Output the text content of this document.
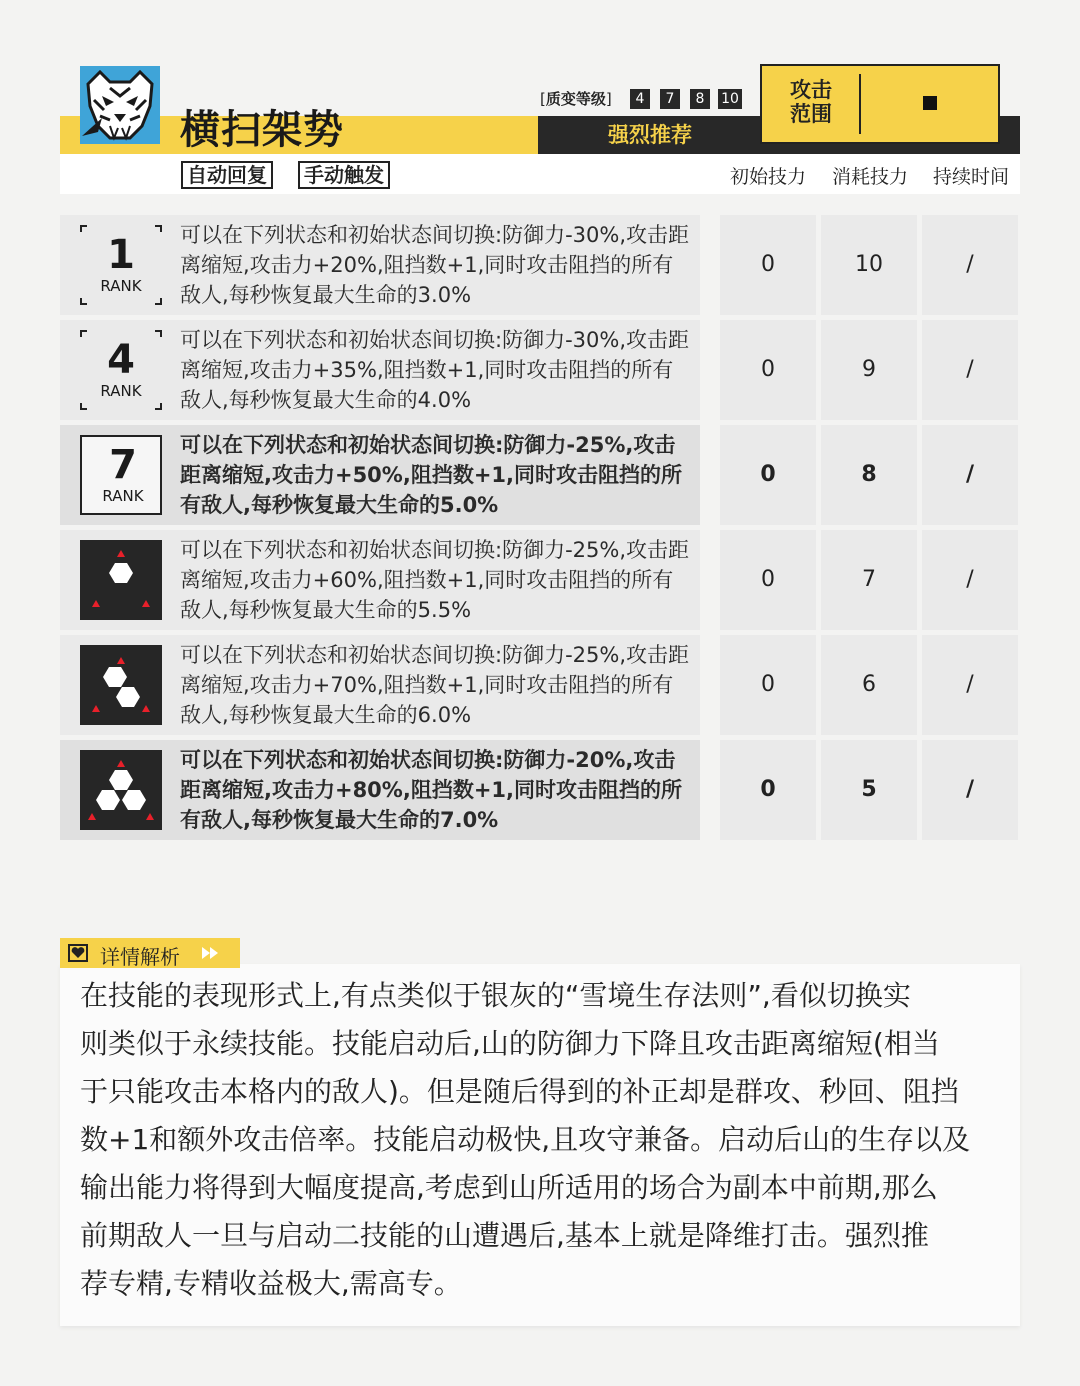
横扫架势
自动回复	手动触发
[质变等级]	4	7	8	10
强烈推荐
攻击范围
初始技力	消耗技力	持续时间
1
RANK
可以在下列状态和初始状态间切换:防御力-30%,攻击距离缩短,攻击力+20%,阻挡数+1,同时攻击阻挡的所有敌人,每秒恢复最大生命的3.0%
0	10	/
4
RANK
可以在下列状态和初始状态间切换:防御力-30%,攻击距离缩短,攻击力+35%,阻挡数+1,同时攻击阻挡的所有敌人,每秒恢复最大生命的4.0%
0	9	/
7
RANK
可以在下列状态和初始状态间切换:防御力-25%,攻击距离缩短,攻击力+50%,阻挡数+1,同时攻击阻挡的所有敌人,每秒恢复最大生命的5.0%
0	8	/
可以在下列状态和初始状态间切换:防御力-25%,攻击距离缩短,攻击力+60%,阻挡数+1,同时攻击阻挡的所有敌人,每秒恢复最大生命的5.5%
0	7	/
可以在下列状态和初始状态间切换:防御力-25%,攻击距离缩短,攻击力+70%,阻挡数+1,同时攻击阻挡的所有敌人,每秒恢复最大生命的6.0%
0	6	/
可以在下列状态和初始状态间切换:防御力-20%,攻击距离缩短,攻击力+80%,阻挡数+1,同时攻击阻挡的所有敌人,每秒恢复最大生命的7.0%
0	5	/
详情解析
在技能的表现形式上,有点类似于银灰的“雪境生存法则”,看似切换实
则类似于永续技能。技能启动后,山的防御力下降且攻击距离缩短(相当
于只能攻击本格内的敌人)。但是随后得到的补正却是群攻、秒回、阻挡
数+1和额外攻击倍率。技能启动极快,且攻守兼备。启动后山的生存以及
输出能力将得到大幅度提高,考虑到山所适用的场合为副本中前期,那么
前期敌人一旦与启动二技能的山遭遇后,基本上就是降维打击。强烈推
荐专精,专精收益极大,需高专。
